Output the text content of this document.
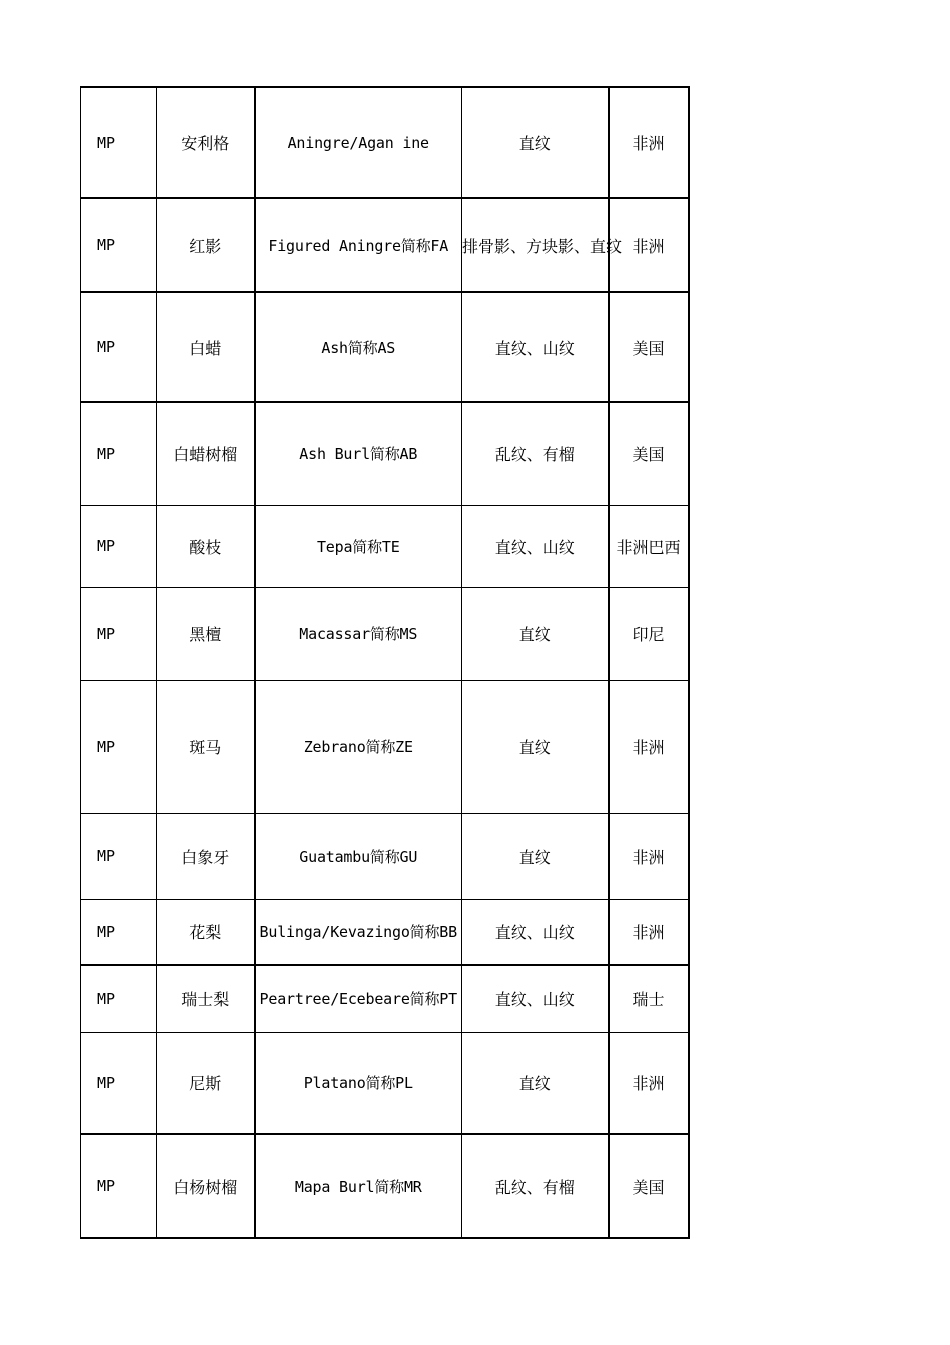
MP	安利格	Aningre/Agan ine	直纹	非洲
MP	红影	Figured Aningre简称FA	排骨影、方块影、直纹	非洲
MP	白蜡	Ash简称AS	直纹、山纹	美国
MP	白蜡树榴	Ash Burl简称AB	乱纹、有榴	美国
MP	酸枝	Tepa简称TE	直纹、山纹	非洲巴西
MP	黑檀	Macassar简称MS	直纹	印尼
MP	斑马	Zebrano简称ZE	直纹	非洲
MP	白象牙	Guatambu简称GU	直纹	非洲
MP	花梨	Bulinga/Kevazingo简称BB	直纹、山纹	非洲
MP	瑞士梨	Peartree/Ecebeare简称PT	直纹、山纹	瑞士
MP	尼斯	Platano简称PL	直纹	非洲
MP	白杨树榴	Mapa Burl简称MR	乱纹、有榴	美国
